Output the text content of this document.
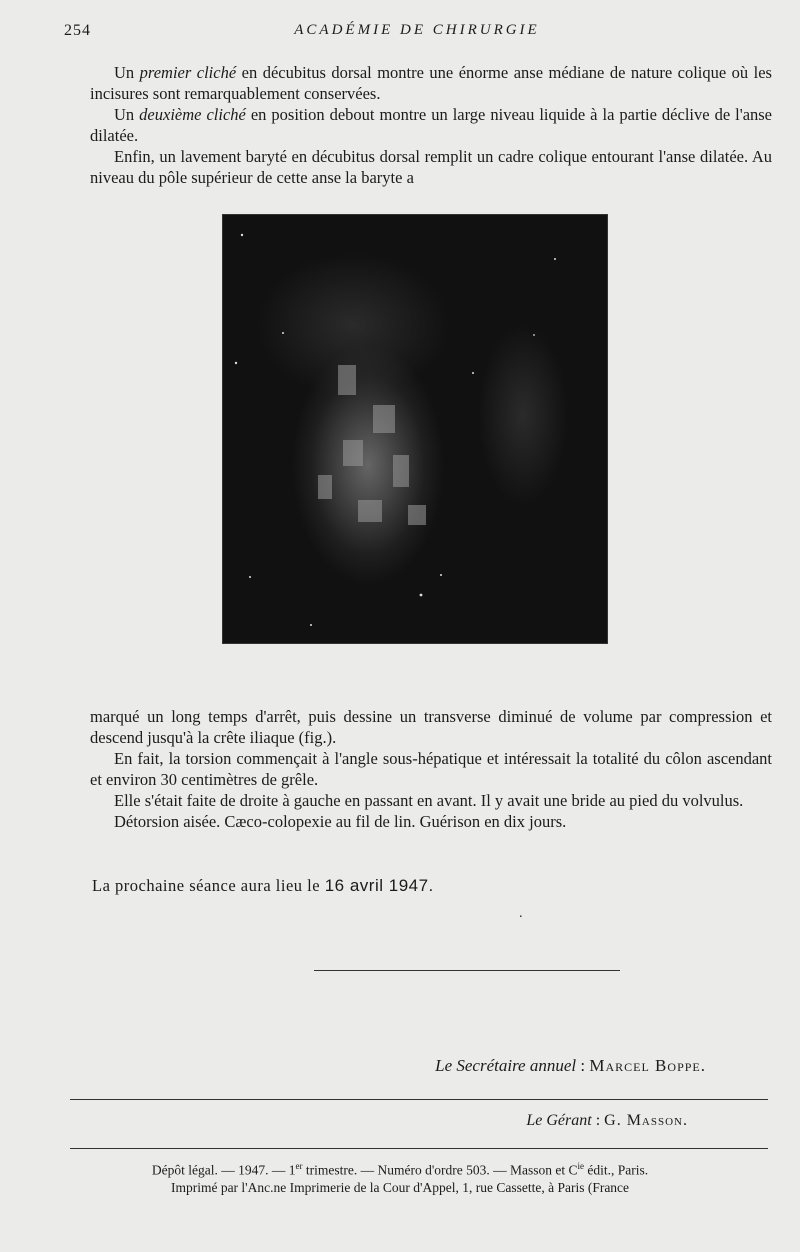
254	ACADÉMIE DE CHIRURGIE

Un premier cliché en décubitus dorsal montre une énorme anse médiane de nature colique où les incisures sont remarquablement conservées.

Un deuxième cliché en position debout montre un large niveau liquide à la partie déclive de l'anse dilatée.

Enfin, un lavement baryté en décubitus dorsal remplit un cadre colique entourant l'anse dilatée. Au niveau du pôle supérieur de cette anse la baryte a

marqué un long temps d'arrêt, puis dessine un transverse diminué de volume par compression et descend jusqu'à la crête iliaque (fig.).

En fait, la torsion commençait à l'angle sous-hépatique et intéressait la totalité du côlon ascendant et environ 30 centimètres de grêle.

Elle s'était faite de droite à gauche en passant en avant. Il y avait une bride au pied du volvulus.

Détorsion aisée. Cæco-colopexie au fil de lin. Guérison en dix jours.

La prochaine séance aura lieu le 16 avril 1947.
.
Le Secrétaire annuel : Marcel Boppe.
Le Gérant : G. Masson.
Dépôt légal. — 1947. — 1er trimestre. — Numéro d'ordre 503. — Masson et $C^{ie}$ édit., Paris.
Imprimé par l'Anc.ne Imprimerie de la Cour d'Appel, 1, rue Cassette, à Paris (France
